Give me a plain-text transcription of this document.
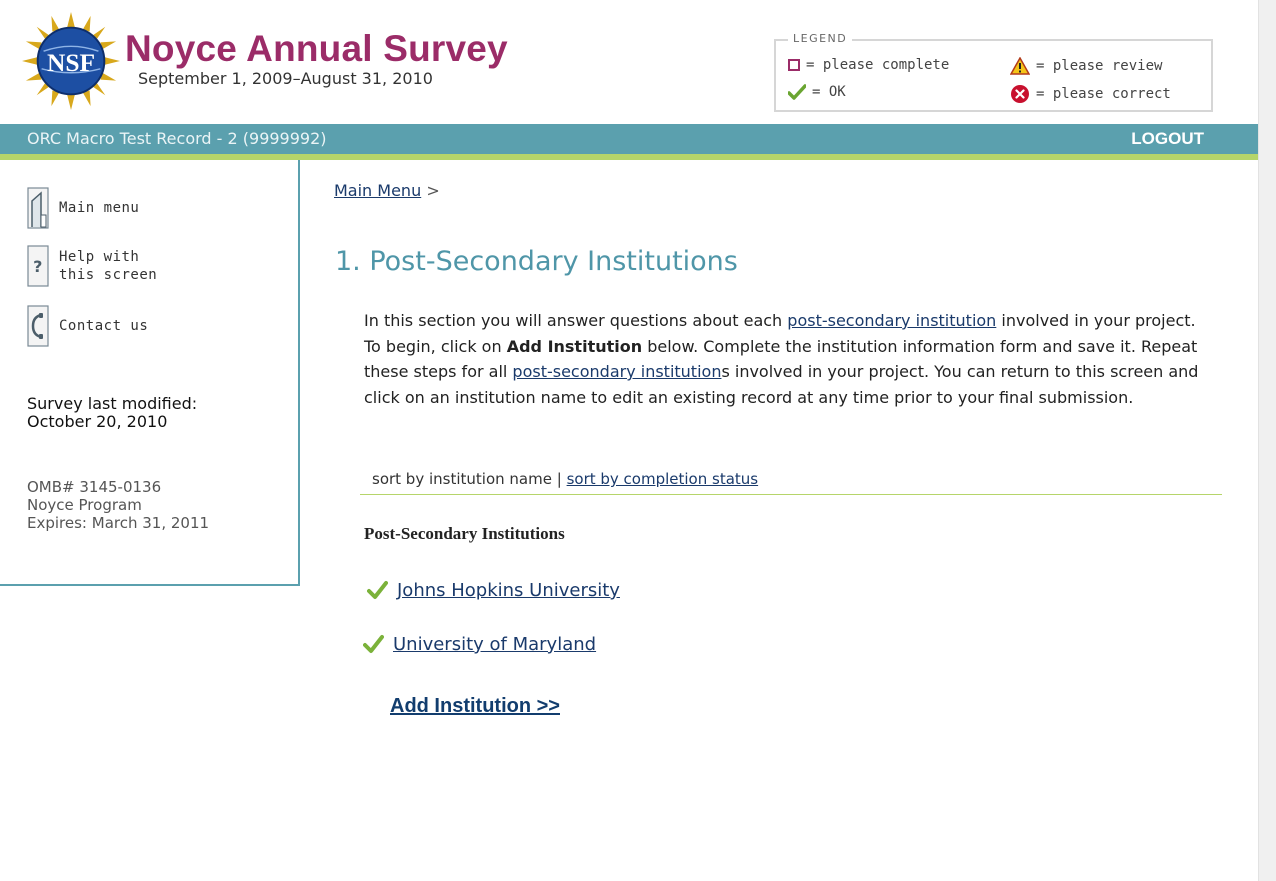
NSF Noyce Annual Survey
September 1, 2009–August 31, 2010
LEGEND
= please complete	= please review
= OK	= please correct
ORC Macro Test Record - 2 (9999992)	LOGOUT
Main menu
? Help with
this screen
Contact us
Survey last modified:
October 20, 2010
OMB# 3145-0136
Noyce Program
Expires: March 31, 2011
Main Menu >
1. Post-Secondary Institutions

In this section you will answer questions about each post-secondary institution involved in your project. To begin, click on Add Institution below. Complete the institution information form and save it. Repeat these steps for all post-secondary institutions involved in your project. You can return to this screen and click on an institution name to edit an existing record at any time prior to your final submission.

sort by institution name | sort by completion status
Post-Secondary Institutions
Johns Hopkins University
University of Maryland
Add Institution >>
